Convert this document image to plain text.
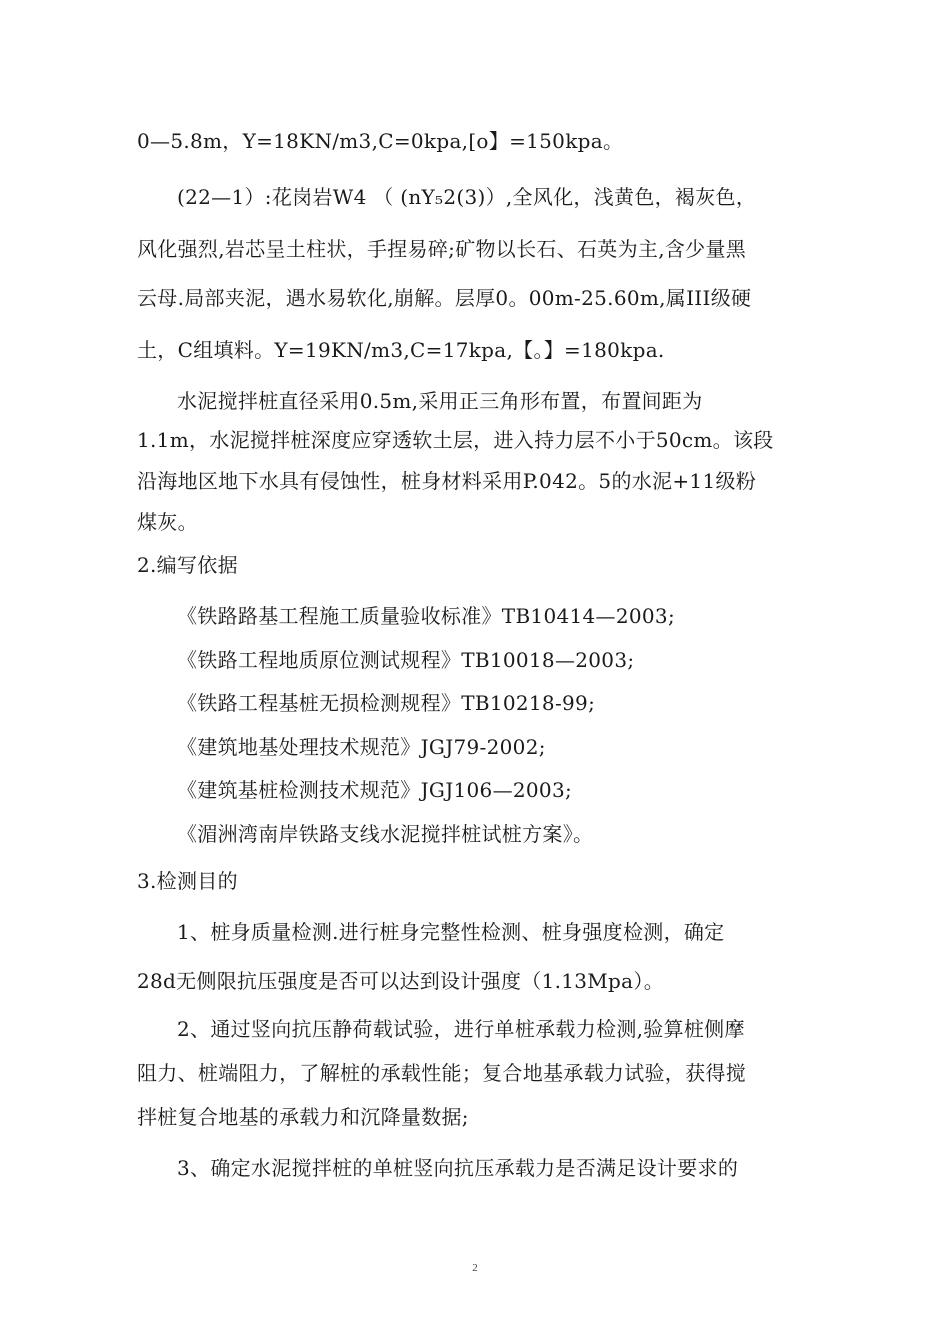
0—5.8m，Y=18KN/m3,C=0kpa,[o】=150kpa。
(22—1）:花岗岩W4 （ (nY₅2(3)）,全风化，浅黄色，褐灰色，
风化强烈,岩芯呈土柱状，手捏易碎;矿物以长石、石英为主,含少量黑
云母.局部夹泥，遇水易软化,崩解。层厚0。00m-25.60m,属III级硬
土，C组填料。Y=19KN/m3,C=17kpa,【。】=180kpa.
水泥搅拌桩直径采用0.5m,采用正三角形布置，布置间距为
1.1m，水泥搅拌桩深度应穿透软土层，进入持力层不小于50cm。该段
沿海地区地下水具有侵蚀性，桩身材料采用P.042。5的水泥+11级粉
煤灰。
2.编写依据
《铁路路基工程施工质量验收标准》TB10414—2003;
《铁路工程地质原位测试规程》TB10018—2003;
《铁路工程基桩无损检测规程》TB10218-99;
《建筑地基处理技术规范》JGJ79-2002;
《建筑基桩检测技术规范》JGJ106—2003;
《湄洲湾南岸铁路支线水泥搅拌桩试桩方案》。
3.检测目的
1、桩身质量检测.进行桩身完整性检测、桩身强度检测，确定
28d无侧限抗压强度是否可以达到设计强度（1.13Mpa）。
2、通过竖向抗压静荷载试验，进行单桩承载力检测,验算桩侧摩
阻力、桩端阻力，了解桩的承载性能；复合地基承载力试验，获得搅
拌桩复合地基的承载力和沉降量数据;
3、确定水泥搅拌桩的单桩竖向抗压承载力是否满足设计要求的
2
